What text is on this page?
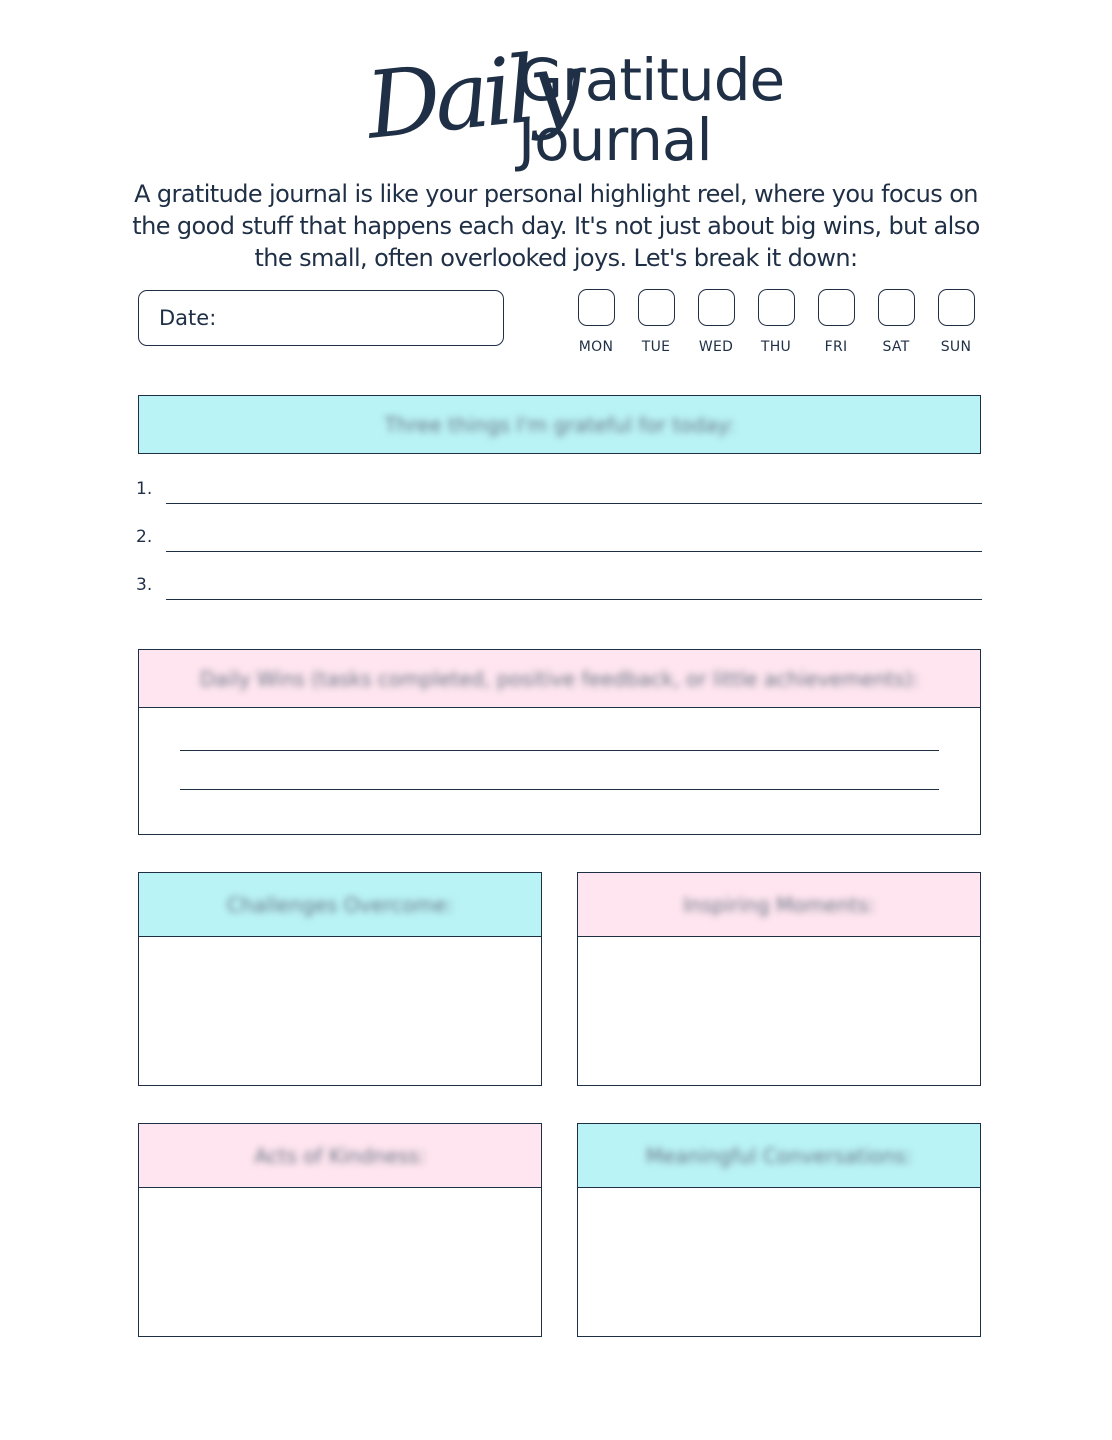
Daily
Gratitude
Journal

A gratitude journal is like your personal highlight reel, where you focus on the good stuff that happens each day. It's not just about big wins, but also the small, often overlooked joys. Let's break it down:

Date:
MON TUE WED THU FRI	SAT SUN
Three things I'm grateful for today:
1.
2.
3.
Daily Wins (tasks completed, positive feedback, or little achievements):
Challenges Overcome:	Inspiring Moments:
Acts of Kindness:	Meaningful Conversations:
